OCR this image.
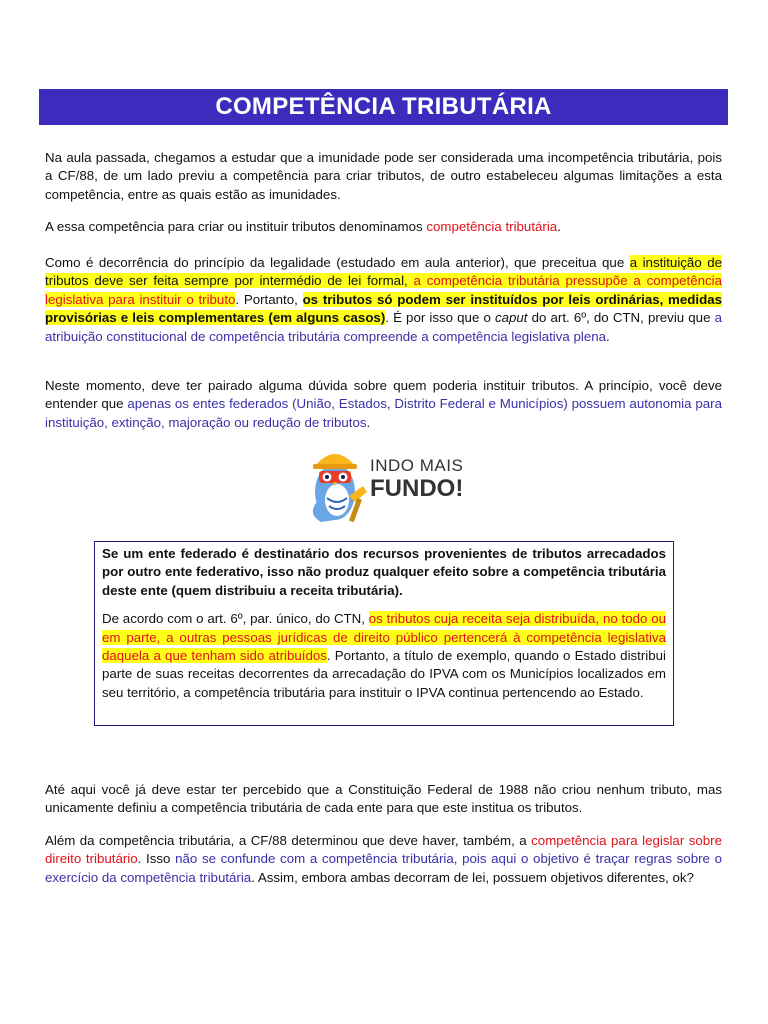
COMPETÊNCIA TRIBUTÁRIA

Na aula passada, chegamos a estudar que a imunidade pode ser considerada uma incompetência tributária, pois a CF/88, de um lado previu a competência para criar tributos, de outro estabeleceu algumas limitações a esta competência, entre as quais estão as imunidades.

A essa competência para criar ou instituir tributos denominamos competência tributária.

Como é decorrência do princípio da legalidade (estudado em aula anterior), que preceitua que a instituição de tributos deve ser feita sempre por intermédio de lei formal, a competência tributária pressupõe a competência legislativa para instituir o tributo. Portanto, os tributos só podem ser instituídos por leis ordinárias, medidas provisórias e leis complementares (em alguns casos). É por isso que o caput do art. 6º, do CTN, previu que a atribuição constitucional de competência tributária compreende a competência legislativa plena.

Neste momento, deve ter pairado alguma dúvida sobre quem poderia instituir tributos. A princípio, você deve entender que apenas os entes federados (União, Estados, Distrito Federal e Municípios) possuem autonomia para instituição, extinção, majoração ou redução de tributos.

INDO MAIS
FUNDO!

Se um ente federado é destinatário dos recursos provenientes de tributos arrecadados por outro ente federativo, isso não produz qualquer efeito sobre a competência tributária deste ente (quem distribuiu a receita tributária).

De acordo com o art. 6º, par. único, do CTN, os tributos cuja receita seja distribuída, no todo ou em parte, a outras pessoas jurídicas de direito público pertencerá à competência legislativa daquela a que tenham sido atribuídos. Portanto, a título de exemplo, quando o Estado distribui parte de suas receitas decorrentes da arrecadação do IPVA com os Municípios localizados em seu território, a competência tributária para instituir o IPVA continua pertencendo ao Estado.

Até aqui você já deve estar ter percebido que a Constituição Federal de 1988 não criou nenhum tributo, mas unicamente definiu a competência tributária de cada ente para que este institua os tributos.

Além da competência tributária, a CF/88 determinou que deve haver, também, a competência para legislar sobre direito tributário. Isso não se confunde com a competência tributária, pois aqui o objetivo é traçar regras sobre o exercício da competência tributária. Assim, embora ambas decorram de lei, possuem objetivos diferentes, ok?
